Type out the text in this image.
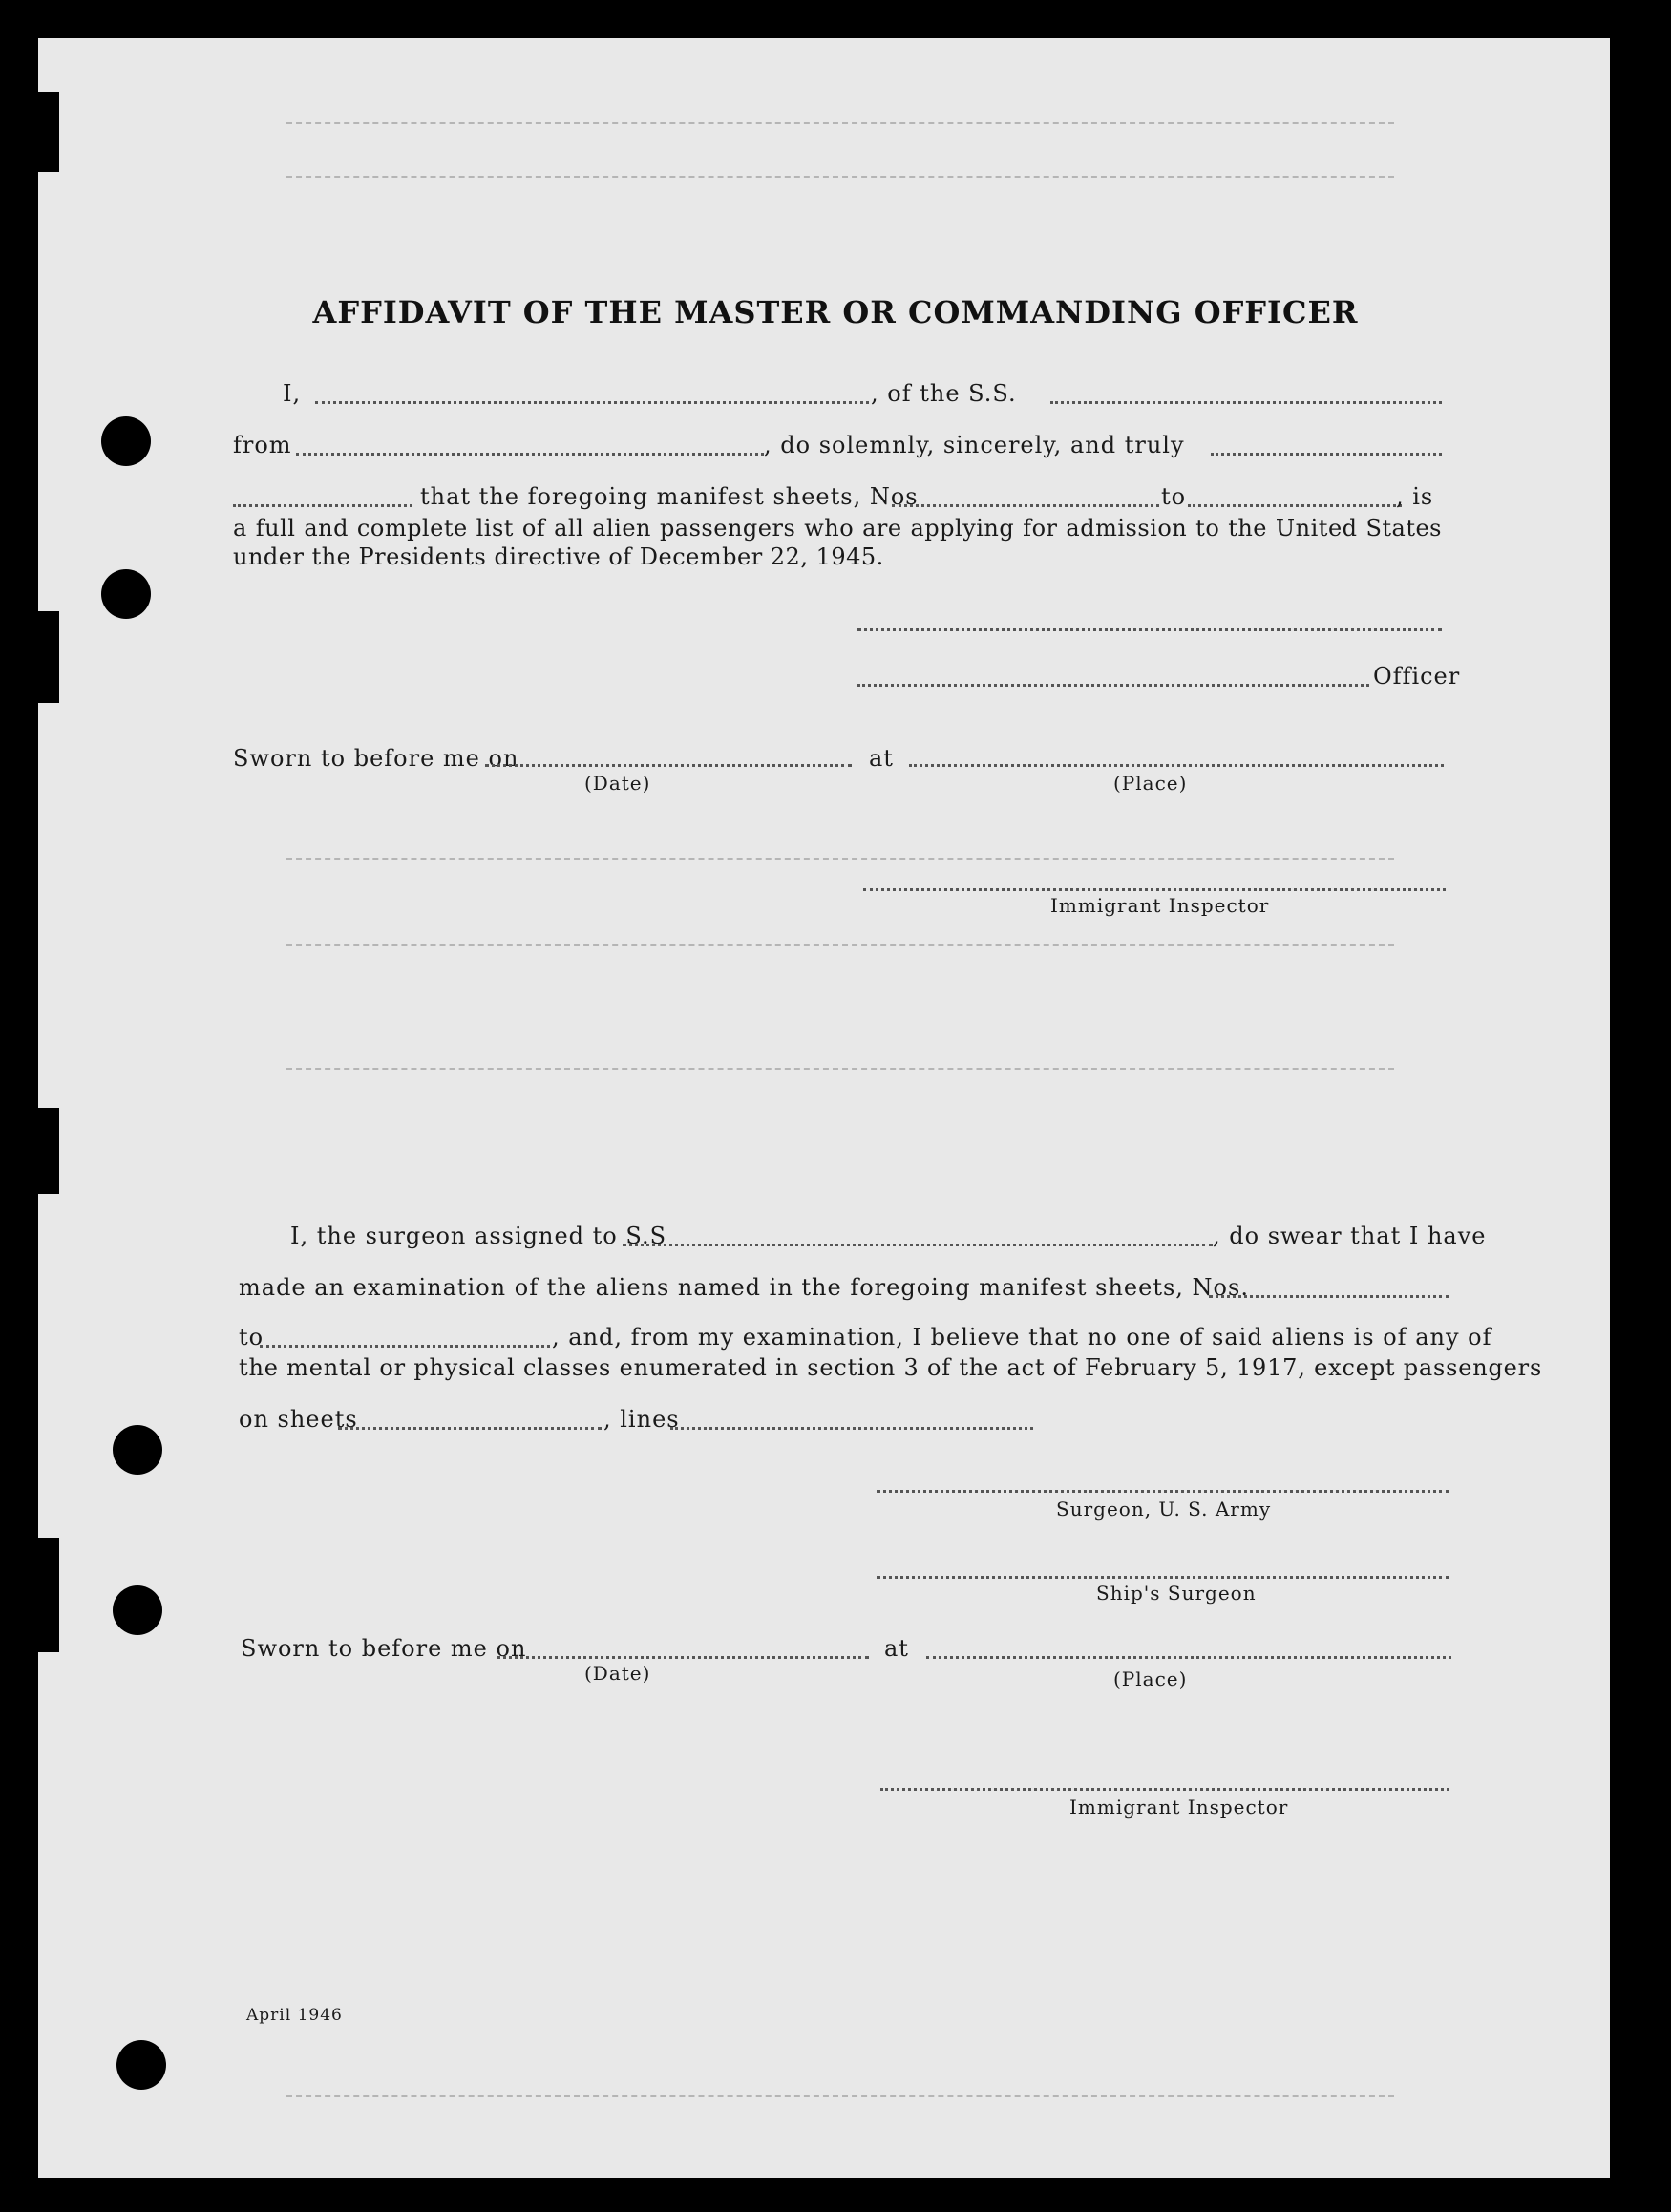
AFFIDAVIT OF THE MASTER OR COMMANDING OFFICER
I,	, of the S.S.
from	, do solemnly, sincerely, and truly
that the foregoing manifest sheets, Nos	to	, is
a full and complete list of all alien passengers who are applying for admission to the United States under the Presidents directive of December 22, 1945.
Officer
Sworn to before me on	at
(Date)	(Place)
Immigrant Inspector
I, the surgeon assigned to S.S	, do swear that I have
made an examination of the aliens named in the foregoing manifest sheets, Nos.
to	, and, from my examination, I believe that no one of said aliens is of any of
the mental or physical classes enumerated in section 3 of the act of February 5, 1917, except passengers
on sheets	, lines
Surgeon, U. S. Army
Ship's Surgeon
Sworn to before me on	at
(Date)	(Place)
Immigrant Inspector
April 1946
